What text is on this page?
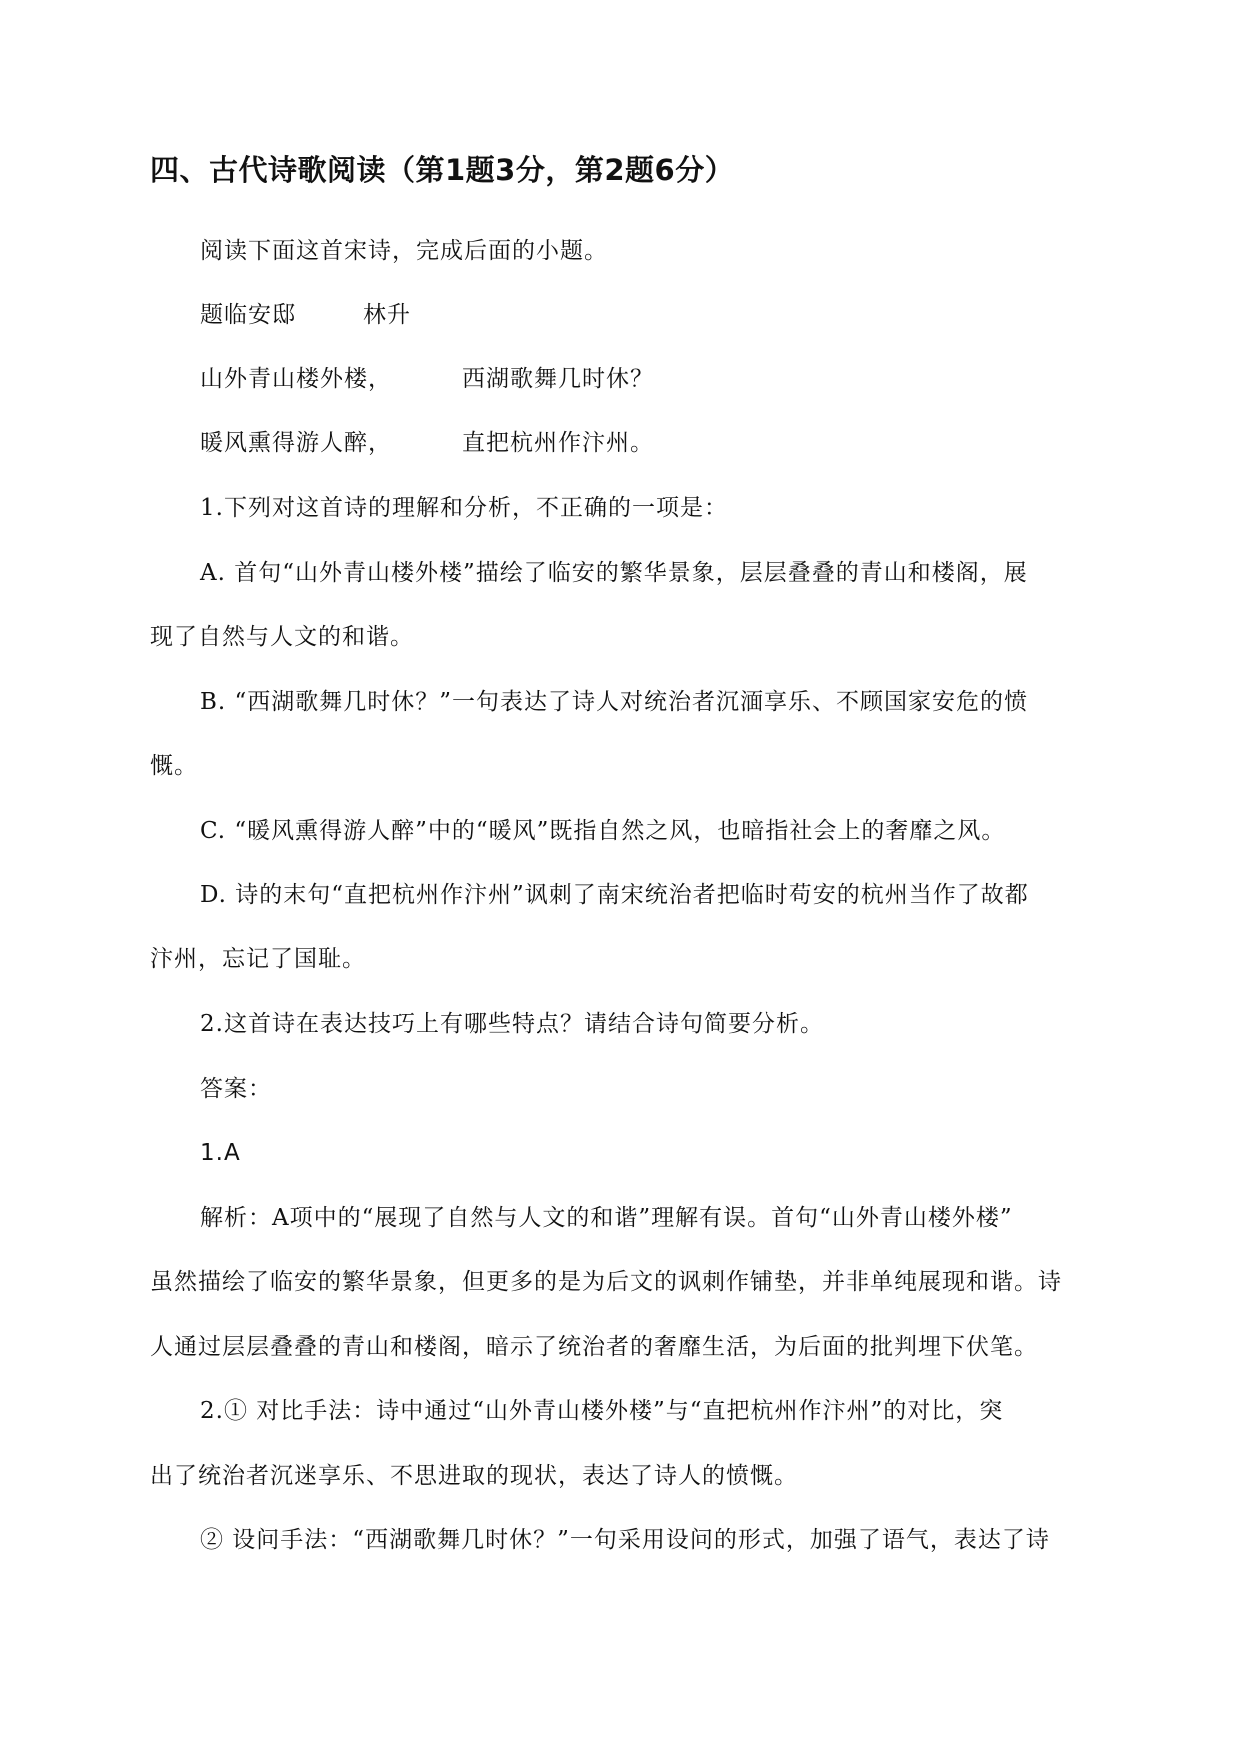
四、古代诗歌阅读（第1题3分，第2题6分）
阅读下面这首宋诗，完成后面的小题。
题临安邸	林升
山外青山楼外楼，	西湖歌舞几时休？
暖风熏得游人醉，	直把杭州作汴州。
1.下列对这首诗的理解和分析，不正确的一项是：
A. 首句“山外青山楼外楼”描绘了临安的繁华景象，层层叠叠的青山和楼阁，展
现了自然与人文的和谐。
B. “西湖歌舞几时休？”一句表达了诗人对统治者沉湎享乐、不顾国家安危的愤
慨。
C. “暖风熏得游人醉”中的“暖风”既指自然之风，也暗指社会上的奢靡之风。
D. 诗的末句“直把杭州作汴州”讽刺了南宋统治者把临时苟安的杭州当作了故都
汴州，忘记了国耻。
2.这首诗在表达技巧上有哪些特点？请结合诗句简要分析。
答案：
1.A
解析：A项中的“展现了自然与人文的和谐”理解有误。首句“山外青山楼外楼”
虽然描绘了临安的繁华景象，但更多的是为后文的讽刺作铺垫，并非单纯展现和谐。诗
人通过层层叠叠的青山和楼阁，暗示了统治者的奢靡生活，为后面的批判埋下伏笔。
2.① 对比手法：诗中通过“山外青山楼外楼”与“直把杭州作汴州”的对比，突
出了统治者沉迷享乐、不思进取的现状，表达了诗人的愤慨。
② 设问手法：“西湖歌舞几时休？”一句采用设问的形式，加强了语气，表达了诗
